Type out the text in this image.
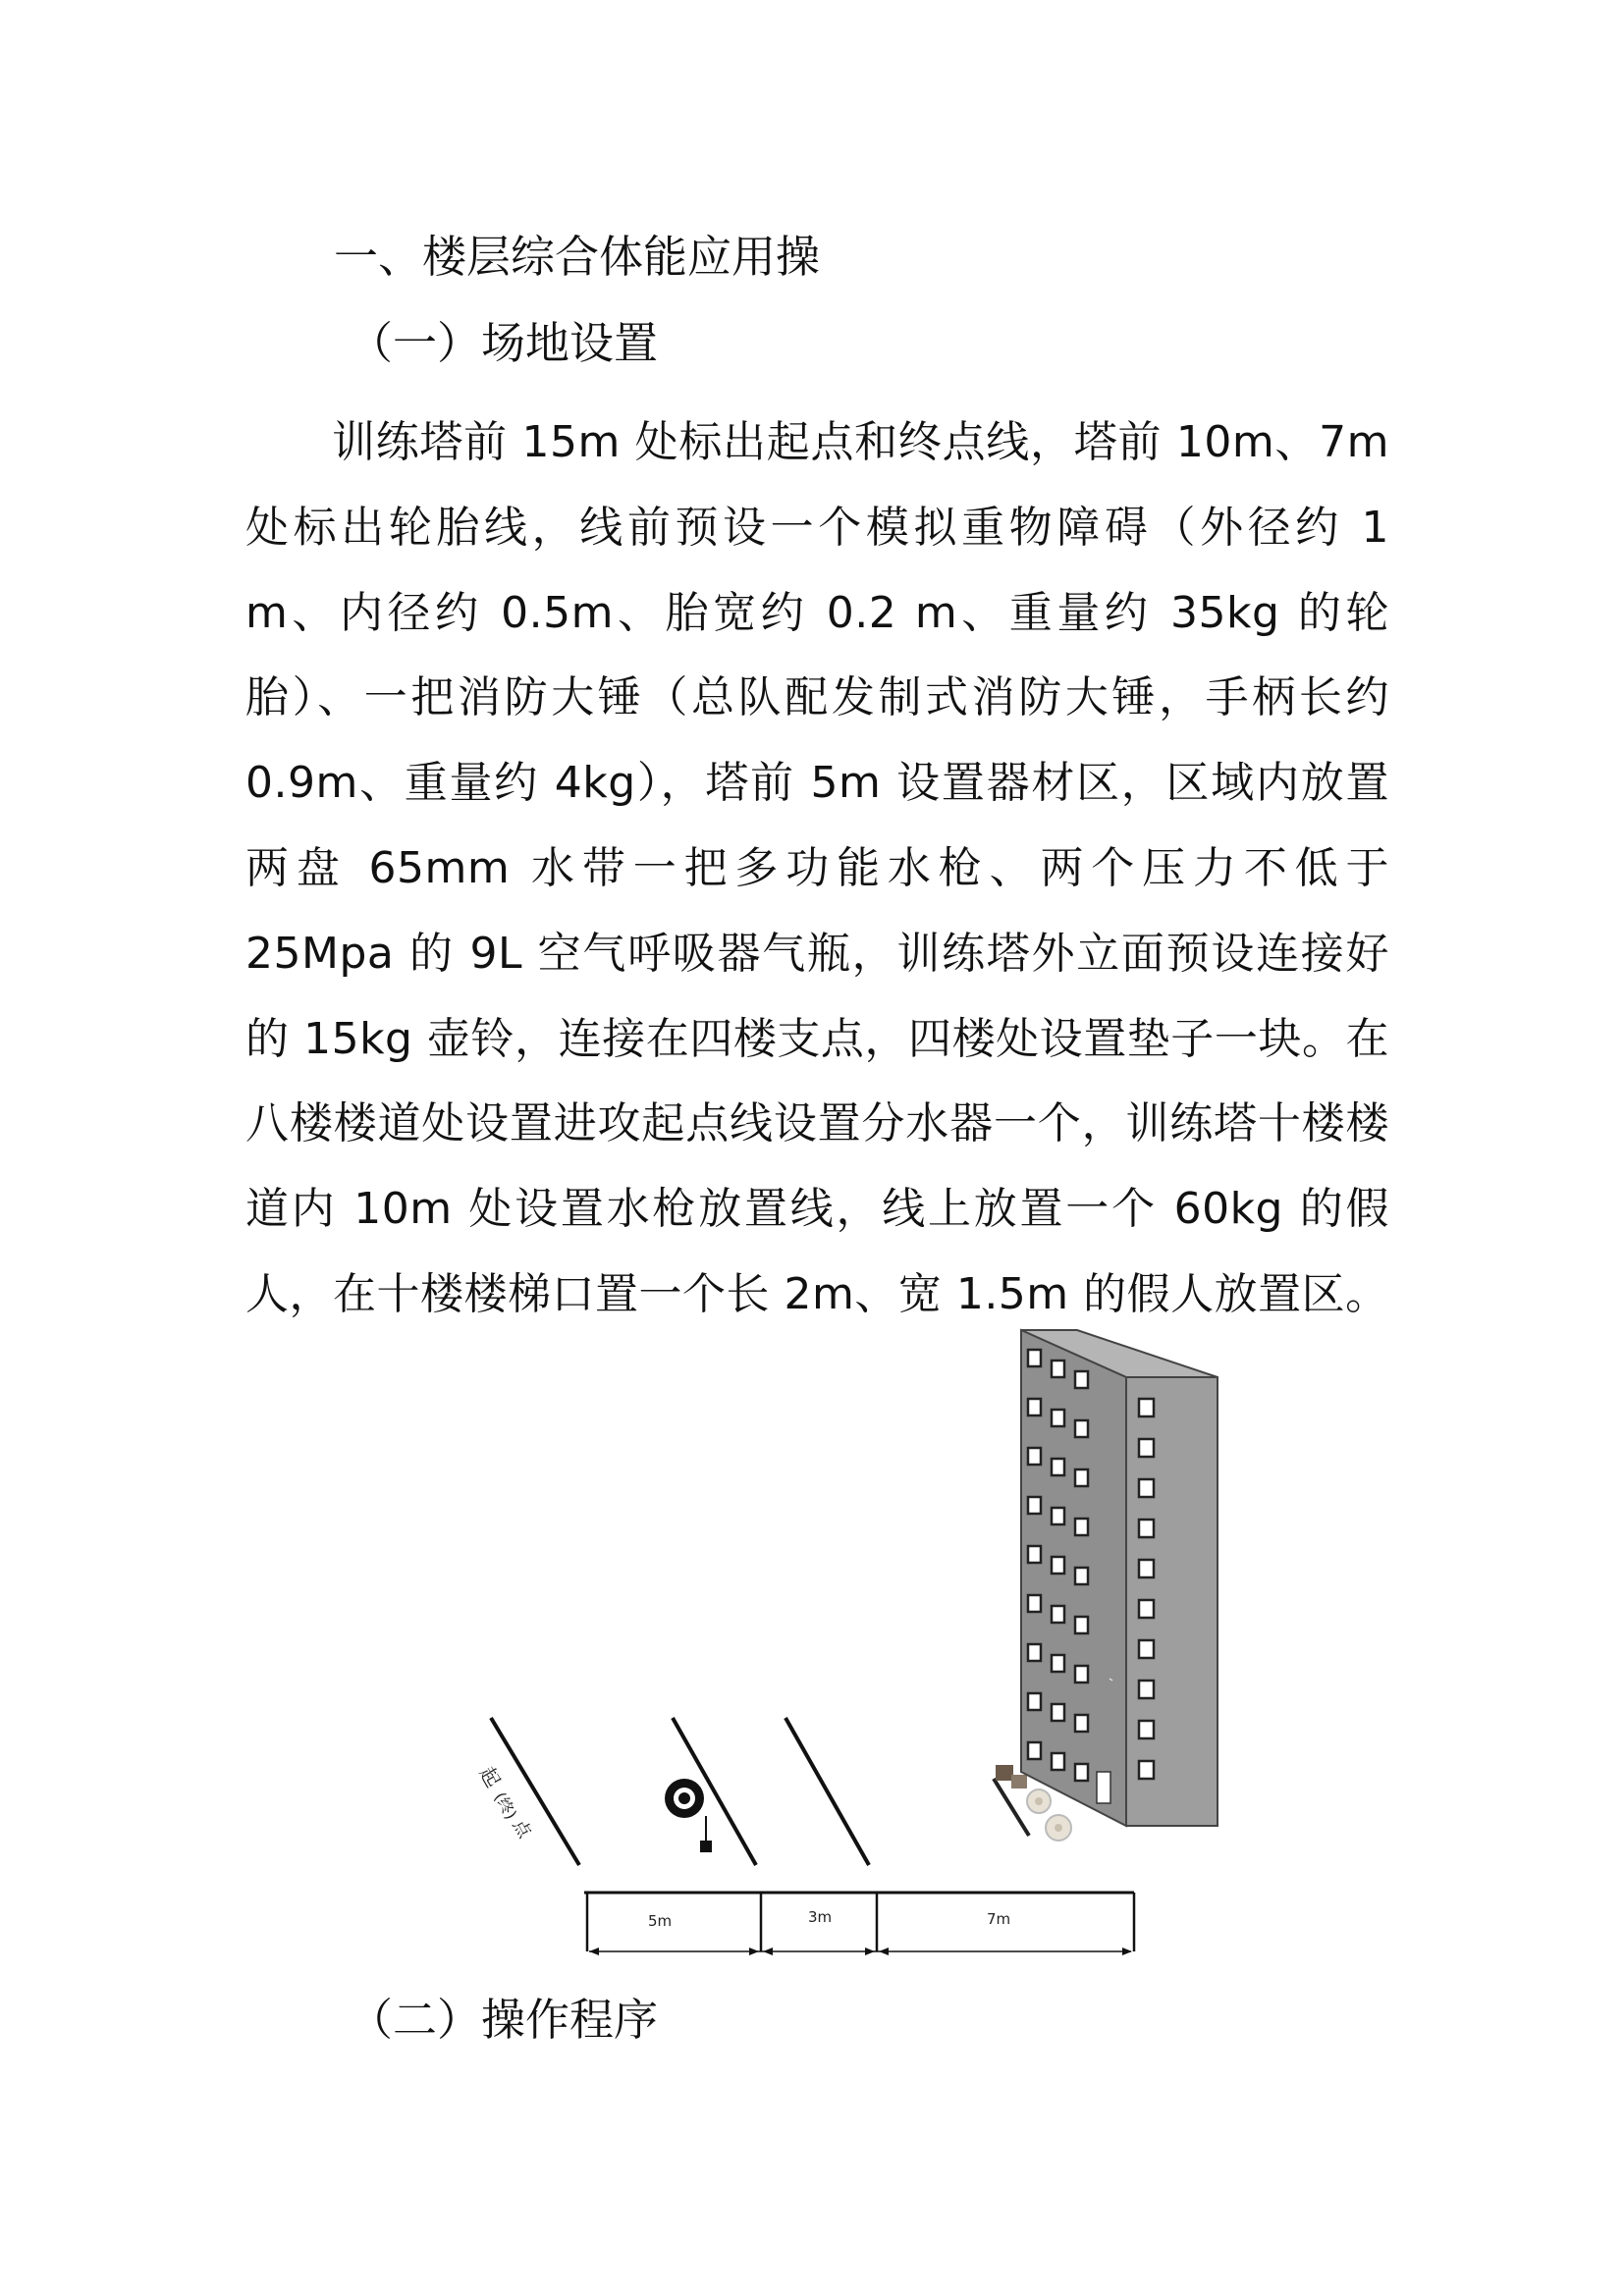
一、楼层综合体能应用操
（一）场地设置

训练塔前 15m 处标出起点和终点线，塔前 10m、7m 处标出轮胎线，线前预设一个模拟重物障碍（外径约 1 m、内径约 0.5m、胎宽约 0.2 m、重量约 35kg 的轮胎）、一把消防大锤（总队配发制式消防大锤，手柄长约 0.9m、重量约 4kg），塔前 5m 设置器材区，区域内放置两盘 65mm 水带一把多功能水枪、两个压力不低于 25Mpa 的 9L 空气呼吸器气瓶，训练塔外立面预设连接好的 15kg 壶铃，连接在四楼支点，四楼处设置垫子一块。在八楼楼道处设置进攻起点线设置分水器一个，训练塔十楼楼道内 10m 处设置水枪放置线，线上放置一个 60kg 的假人，在十楼楼梯口置一个长 2m、宽 1.5m 的假人放置区。

起
(终)
点
5m	3m	7m
（二）操作程序
